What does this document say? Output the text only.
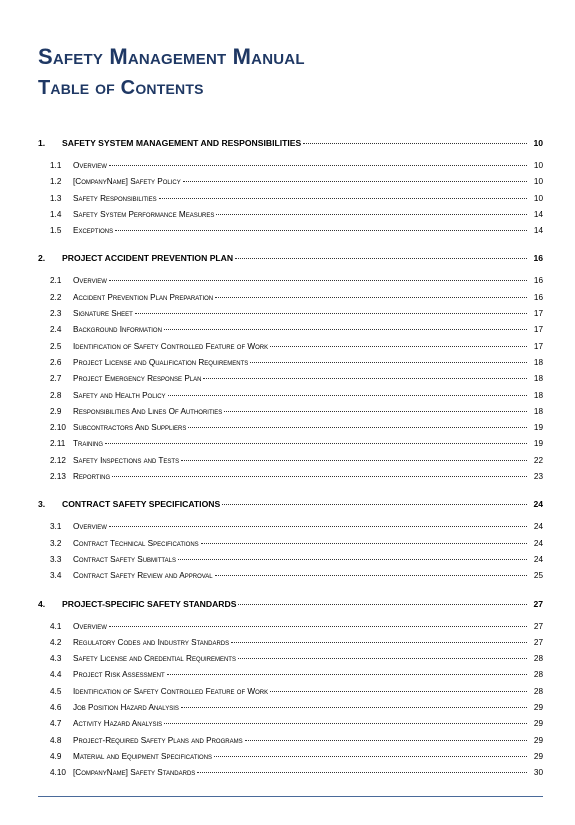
Safety Management Manual
Table of Contents
1.	SAFETY SYSTEM MANAGEMENT AND RESPONSIBILITIES	10
1.1	Overview	10
1.2	[CompanyName] Safety Policy	10
1.3	Safety Responsibilities	10
1.4	Safety System Performance Measures	14
1.5	Exceptions	14
2.	PROJECT ACCIDENT PREVENTION PLAN	16
2.1	Overview	16
2.2	Accident Prevention Plan Preparation	16
2.3	Signature Sheet	17
2.4	Background Information	17
2.5	Identification of Safety Controlled Feature of Work	17
2.6	Project License and Qualification Requirements	18
2.7	Project Emergency Response Plan	18
2.8	Safety and Health Policy	18
2.9	Responsibilities And Lines Of Authorities	18
2.10 Subcontractors And Suppliers	19
2.11 Training	19
2.12 Safety Inspections and Tests	22
2.13 Reporting	23
3.	CONTRACT SAFETY SPECIFICATIONS	24
3.1	Overview	24
3.2	Contract Technical Specifications	24
3.3	Contract Safety Submittals	24
3.4	Contract Safety Review and Approval	25
4.	PROJECT-SPECIFIC SAFETY STANDARDS	27
4.1	Overview	27
4.2	Regulatory Codes and Industry Standards	27
4.3	Safety License and Credential Requirements	28
4.4	Project Risk Assessment	28
4.5	Identification of Safety Controlled Feature of Work	28
4.6	Job Position Hazard Analysis	29
4.7	Activity Hazard Analysis	29
4.8	Project-Required Safety Plans and Programs	29
4.9	Material and Equipment Specifications	29
4.10 [CompanyName] Safety Standards	30
